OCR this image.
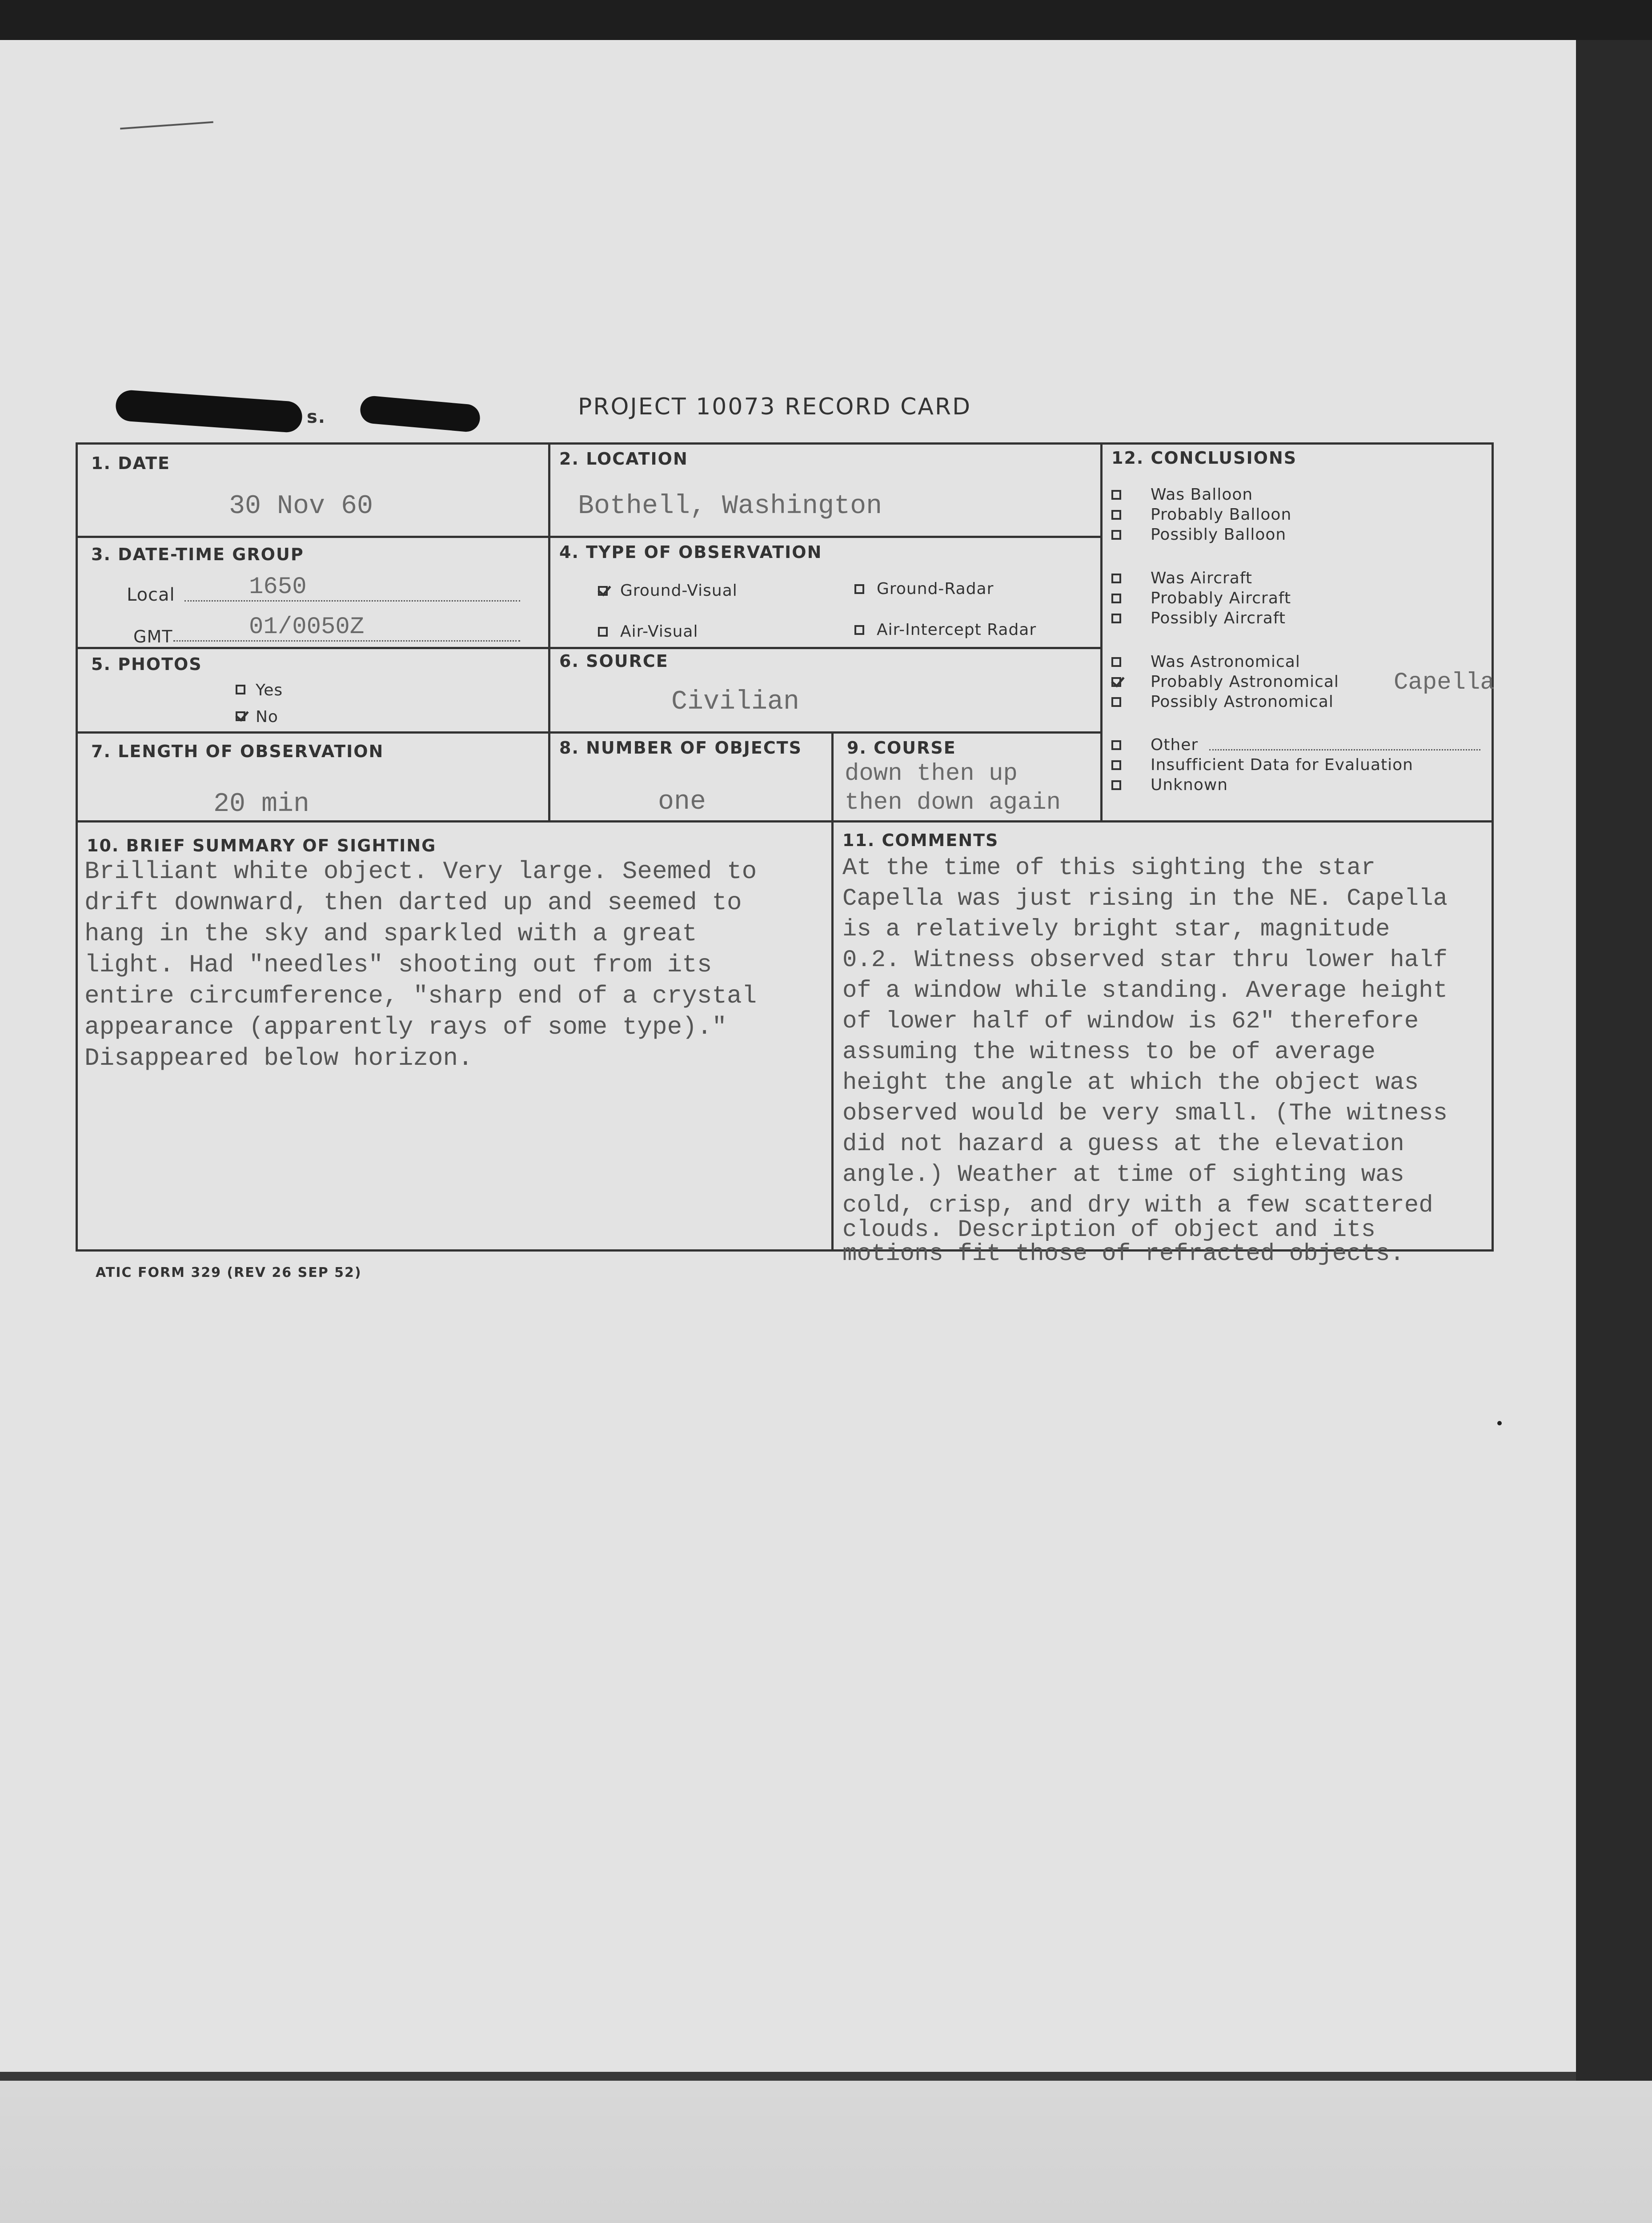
s.	PROJECT 10073 RECORD CARD
1. DATE
30 Nov 60
2. LOCATION
Bothell, Washington
3. DATE-TIME GROUP
Local	1650
GMT	01/0050Z
4. TYPE OF OBSERVATION
Ground-Visual	Ground-Radar
Air-Visual	Air-Intercept Radar
5. PHOTOS
Yes
No
6. SOURCE
Civilian
7. LENGTH OF OBSERVATION
20 min
8. NUMBER OF OBJECTS
one
9. COURSE
down then up
then down again
10. BRIEF SUMMARY OF SIGHTING
Brilliant white object. Very large. Seemed to
drift downward, then darted up and seemed to
hang in the sky and sparkled with a great
light. Had "needles" shooting out from its
entire circumference, "sharp end of a crystal
appearance (apparently rays of some type)."
Disappeared below horizon.
11. COMMENTS
At the time of this sighting the star
Capella was just rising in the NE. Capella
is a relatively bright star, magnitude
0.2. Witness observed star thru lower half
of a window while standing. Average height
of lower half of window is 62" therefore
assuming the witness to be of average
height the angle at which the object was
observed would be very small. (The witness
did not hazard a guess at the elevation
angle.) Weather at time of sighting was
cold, crisp, and dry with a few scattered
clouds. Description of object and its
motions fit those of refracted objects.
12. CONCLUSIONS
Was Balloon
Probably Balloon
Possibly Balloon
Was Aircraft
Probably Aircraft
Possibly Aircraft
Was Astronomical
Probably Astronomical Capella
Possibly Astronomical
Other
Insufficient Data for Evaluation
Unknown
ATIC FORM 329 (REV 26 SEP 52)
